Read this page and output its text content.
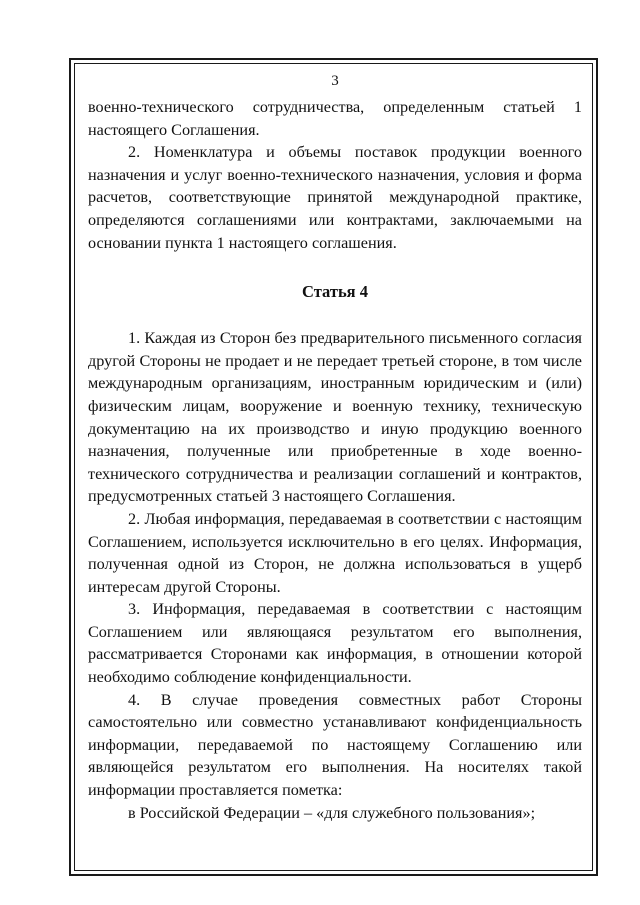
3

военно-технического сотрудничества, определенным статьей 1 настоящего Соглашения.

2. Номенклатура и объемы поставок продукции военного назначения и услуг военно-технического назначения, условия и форма расчетов, соответствующие принятой международной практике, определяются соглашениями или контрактами, заключаемыми на основании пункта 1 настоящего соглашения.

Статья 4

1. Каждая из Сторон без предварительного письменного согласия другой Стороны не продает и не передает третьей стороне, в том числе международным организациям, иностранным юридическим и (или) физическим лицам, вооружение и военную технику, техническую документацию на их производство и иную продукцию военного назначения, полученные или приобретенные в ходе военно-технического сотрудничества и реализации соглашений и контрактов, предусмотренных статьей 3 настоящего Соглашения.

2. Любая информация, передаваемая в соответствии с настоящим Соглашением, используется исключительно в его целях. Информация, полученная одной из Сторон, не должна использоваться в ущерб интересам другой Стороны.

3. Информация, передаваемая в соответствии с настоящим Соглашением или являющаяся результатом его выполнения, рассматривается Сторонами как информация, в отношении которой необходимо соблюдение конфиденциальности.

4. В случае проведения совместных работ Стороны самостоятельно или совместно устанавливают конфиденциальность информации, передаваемой по настоящему Соглашению или являющейся результатом его выполнения. На носителях такой информации проставляется пометка:

в Российской Федерации – «для служебного пользования»;
